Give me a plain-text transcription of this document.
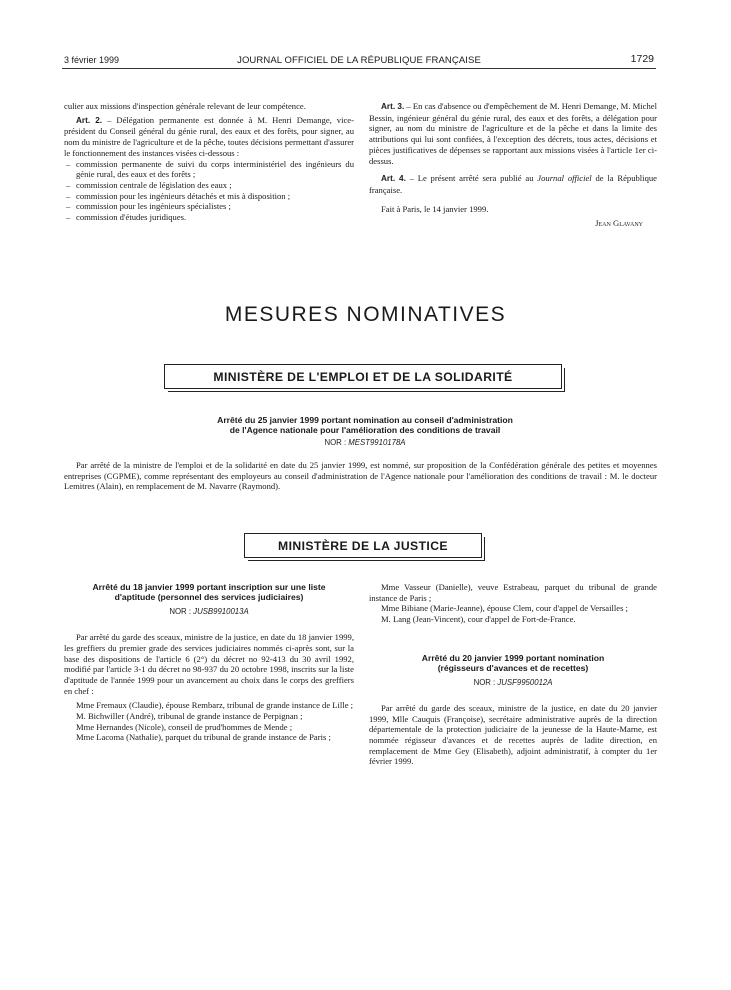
3 février 1999	JOURNAL OFFICIEL DE LA RÉPUBLIQUE FRANÇAISE	1729

culier aux missions d'inspection générale relevant de leur compétence.

Art. 2. – Délégation permanente est donnée à M. Henri Demange, vice-président du Conseil général du génie rural, des eaux et des forêts, pour signer, au nom du ministre de l'agriculture et de la pêche, toutes décisions permettant d'assurer le fonctionnement des instances visées ci-dessous :

– commission permanente de suivi du corps interministériel des ingénieurs du génie rural, des eaux et des forêts ;
– commission centrale de législation des eaux ;
– commission pour les ingénieurs détachés et mis à disposition ;
– commission pour les ingénieurs spécialistes ;
– commission d'études juridiques.

Art. 3. – En cas d'absence ou d'empêchement de M. Henri Demange, M. Michel Bessin, ingénieur général du génie rural, des eaux et des forêts, a délégation pour signer, au nom du ministre de l'agriculture et de la pêche et dans la limite des attributions qui lui sont confiées, à l'exception des décrets, tous actes, décisions et pièces justificatives de dépenses se rapportant aux missions visées à l'article 1er ci-dessus.

Art. 4. – Le présent arrêté sera publié au Journal officiel de la République française.

Fait à Paris, le 14 janvier 1999.

Jean Glavany

MESURES NOMINATIVES
MINISTÈRE DE L'EMPLOI ET DE LA SOLIDARITÉ
Arrêté du 25 janvier 1999 portant nomination au conseil d'administration
de l'Agence nationale pour l'amélioration des conditions de travail
NOR : MEST9910178A

Par arrêté de la ministre de l'emploi et de la solidarité en date du 25 janvier 1999, est nommé, sur proposition de la Confédération générale des petites et moyennes entreprises (CGPME), comme représentant des employeurs au conseil d'administration de l'Agence nationale pour l'amélioration des conditions de travail : M. le docteur Lemitres (Alain), en remplacement de M. Navarre (Raymond).

MINISTÈRE DE LA JUSTICE
Arrêté du 18 janvier 1999 portant inscription sur une liste d'aptitude (personnel des services judiciaires)
NOR : JUSB9910013A

Par arrêté du garde des sceaux, ministre de la justice, en date du 18 janvier 1999, les greffiers du premier grade des services judiciaires nommés ci-après sont, sur la base des dispositions de l'article 6 (2°) du décret no 92-413 du 30 avril 1992, modifié par l'article 3-1 du décret no 98-937 du 20 octobre 1998, inscrits sur la liste d'aptitude de l'année 1999 pour un avancement au choix dans le corps des greffiers en chef :

Mme Fremaux (Claudie), épouse Rembarz, tribunal de grande instance de Lille ;

M. Bichwiller (André), tribunal de grande instance de Perpignan ;

Mme Hernandes (Nicole), conseil de prud'hommes de Mende ;

Mme Lacoma (Nathalie), parquet du tribunal de grande instance de Paris ;

Mme Vasseur (Danielle), veuve Estrabeau, parquet du tribunal de grande instance de Paris ;

Mme Bibiane (Marie-Jeanne), épouse Clem, cour d'appel de Versailles ;

M. Lang (Jean-Vincent), cour d'appel de Fort-de-France.

Arrêté du 20 janvier 1999 portant nomination
(régisseurs d'avances et de recettes)
NOR : JUSF9950012A

Par arrêté du garde des sceaux, ministre de la justice, en date du 20 janvier 1999, Mlle Cauquis (Françoise), secrétaire administrative auprès de la direction départementale de la protection judiciaire de la jeunesse de la Haute-Marne, est nommée régisseur d'avances et de recettes auprès de ladite direction, en remplacement de Mme Gey (Elisabeth), adjoint administratif, à compter du 1er février 1999.
